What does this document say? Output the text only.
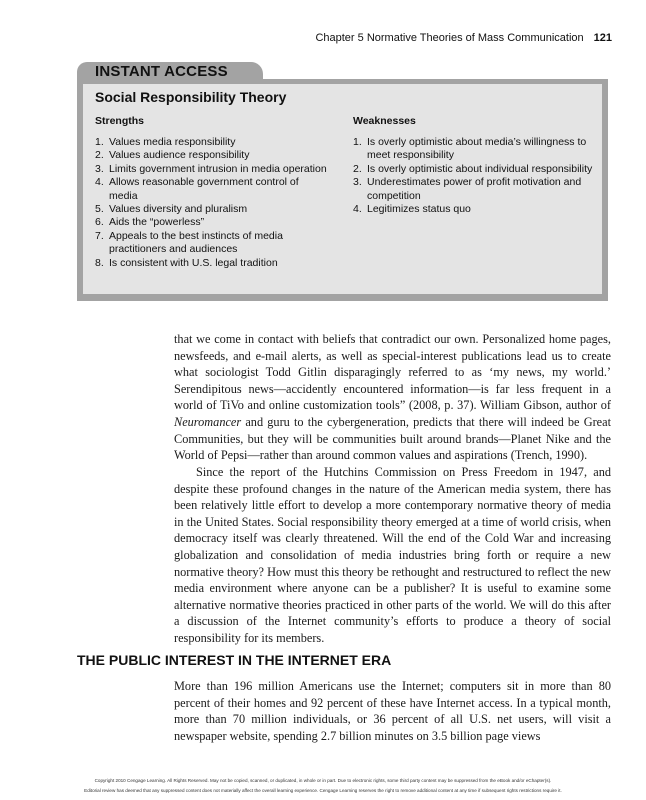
Chapter 5 Normative Theories of Mass Communication 121
INSTANT ACCESS
Social Responsibility Theory
Strengths
1. Values media responsibility
2. Values audience responsibility
3. Limits government intrusion in media operation
4. Allows reasonable government control of media
5. Values diversity and pluralism
6. Aids the “powerless”
7. Appeals to the best instincts of media practitioners and audiences
8. Is consistent with U.S. legal tradition
Weaknesses
1. Is overly optimistic about media’s willingness to meet responsibility
2. Is overly optimistic about individual responsibility
3. Underestimates power of profit motivation and competition
4. Legitimizes status quo

that we come in contact with beliefs that contradict our own. Personalized home pages, newsfeeds, and e-mail alerts, as well as special-interest publications lead us to create what sociologist Todd Gitlin disparagingly referred to as ‘my news, my world.’ Serendipitous news—accidently encountered information—is far less frequent in a world of TiVo and online customization tools” (2008, p. 37). William Gibson, author of Neuromancer and guru to the cybergeneration, predicts that there will indeed be Great Communities, but they will be communities built around brands—Planet Nike and the World of Pepsi—rather than around common values and aspirations (Trench, 1990).

Since the report of the Hutchins Commission on Press Freedom in 1947, and despite these profound changes in the nature of the American media system, there has been relatively little effort to develop a more contemporary normative theory of media in the United States. Social responsibility theory emerged at a time of world crisis, when democracy itself was clearly threatened. Will the end of the Cold War and increasing globalization and consolidation of media industries bring forth or require a new normative theory? How must this theory be rethought and restructured to reflect the new media environment where anyone can be a publisher? It is useful to examine some alternative normative theories practiced in other parts of the world. We will do this after a discussion of the Internet community’s efforts to produce a theory of social responsibility for its members.

THE PUBLIC INTEREST IN THE INTERNET ERA

More than 196 million Americans use the Internet; computers sit in more than 80 percent of their homes and 92 percent of these have Internet access. In a typical month, more than 70 million individuals, or 36 percent of all U.S. net users, will visit a newspaper website, spending 2.7 billion minutes on 3.5 billion page views

Copyright 2010 Cengage Learning. All Rights Reserved. May not be copied, scanned, or duplicated, in whole or in part. Due to electronic rights, some third party content may be suppressed from the eBook and/or eChapter(s).
Editorial review has deemed that any suppressed content does not materially affect the overall learning experience. Cengage Learning reserves the right to remove additional content at any time if subsequent rights restrictions require it.
